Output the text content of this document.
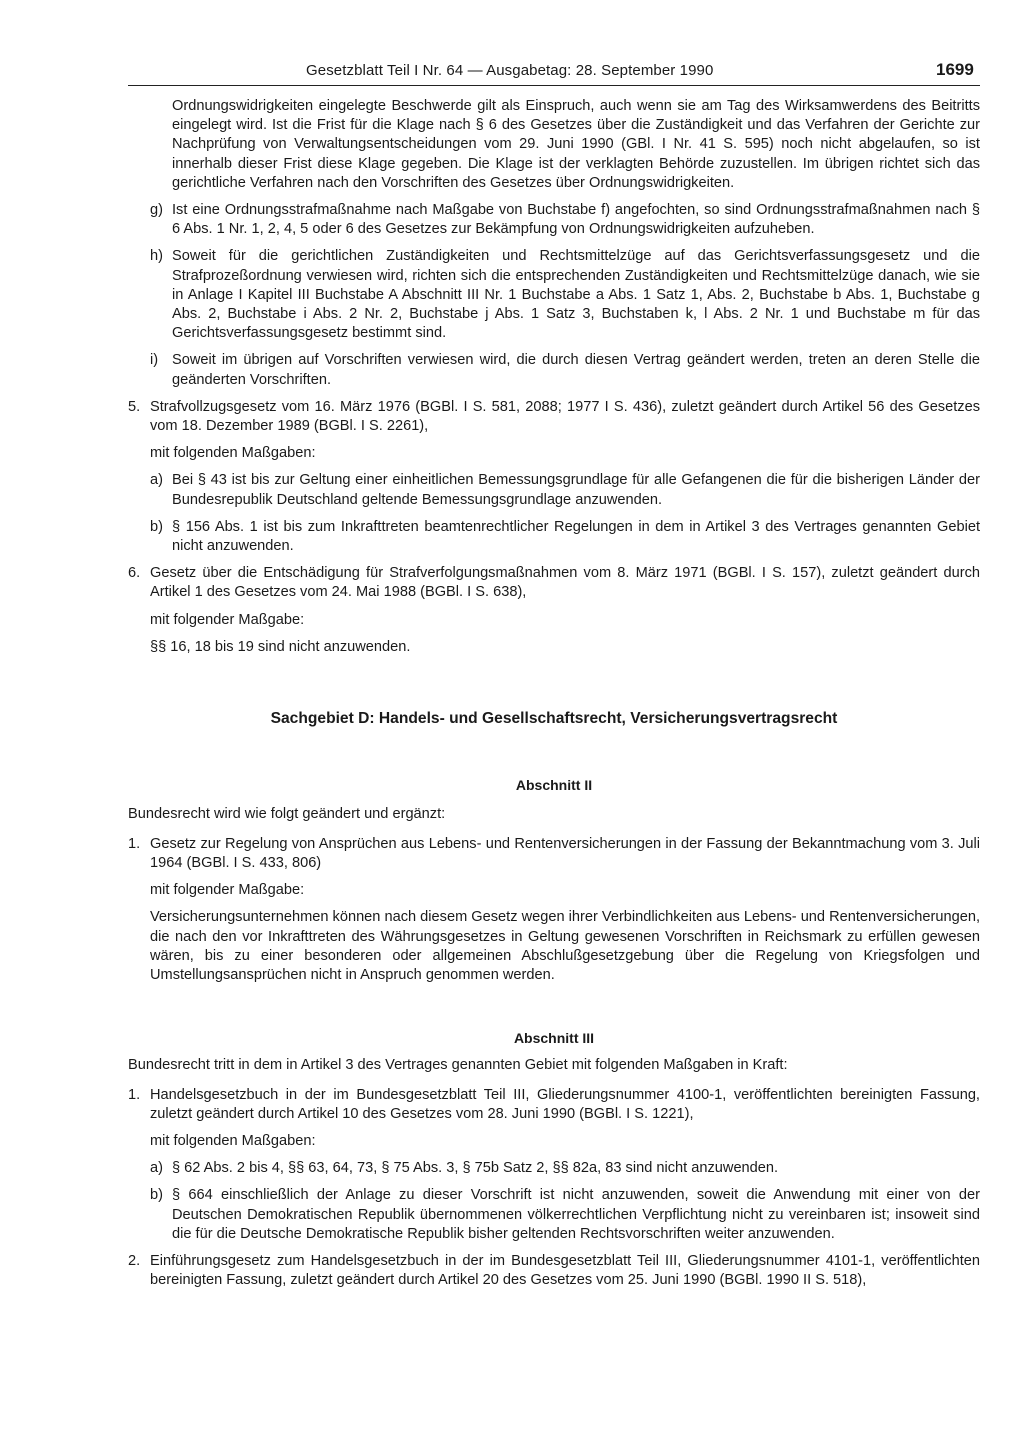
Gesetzblatt Teil I Nr. 64 — Ausgabetag: 28. September 1990	1699

Ordnungswidrigkeiten eingelegte Beschwerde gilt als Einspruch, auch wenn sie am Tag des Wirksamwerdens des Beitritts eingelegt wird. Ist die Frist für die Klage nach § 6 des Gesetzes über die Zuständigkeit und das Verfahren der Gerichte zur Nachprüfung von Verwaltungsentscheidungen vom 29. Juni 1990 (GBl. I Nr. 41 S. 595) noch nicht abgelaufen, so ist innerhalb dieser Frist diese Klage gegeben. Die Klage ist der verklagten Behörde zuzustellen. Im übrigen richtet sich das gerichtliche Verfahren nach den Vorschriften des Gesetzes über Ordnungswidrigkeiten.

g) Ist eine Ordnungsstrafmaßnahme nach Maßgabe von Buchstabe f) angefochten, so sind Ordnungsstrafmaßnahmen nach § 6 Abs. 1 Nr. 1, 2, 4, 5 oder 6 des Gesetzes zur Bekämpfung von Ordnungswidrigkeiten aufzuheben.

h) Soweit für die gerichtlichen Zuständigkeiten und Rechtsmittelzüge auf das Gerichtsverfassungsgesetz und die Strafprozeßordnung verwiesen wird, richten sich die entsprechenden Zuständigkeiten und Rechtsmittelzüge danach, wie sie in Anlage I Kapitel III Buchstabe A Abschnitt III Nr. 1 Buchstabe a Abs. 1 Satz 1, Abs. 2, Buchstabe b Abs. 1, Buchstabe g Abs. 2, Buchstabe i Abs. 2 Nr. 2, Buchstabe j Abs. 1 Satz 3, Buchstaben k, l Abs. 2 Nr. 1 und Buchstabe m für das Gerichtsverfassungsgesetz bestimmt sind.

i) Soweit im übrigen auf Vorschriften verwiesen wird, die durch diesen Vertrag geändert werden, treten an deren Stelle die geänderten Vorschriften.

5. Strafvollzugsgesetz vom 16. März 1976 (BGBl. I S. 581, 2088; 1977 I S. 436), zuletzt geändert durch Artikel 56 des Gesetzes vom 18. Dezember 1989 (BGBl. I S. 2261),

mit folgenden Maßgaben:

a) Bei § 43 ist bis zur Geltung einer einheitlichen Bemessungsgrundlage für alle Gefangenen die für die bisherigen Länder der Bundesrepublik Deutschland geltende Bemessungsgrundlage anzuwenden.

b) § 156 Abs. 1 ist bis zum Inkrafttreten beamtenrechtlicher Regelungen in dem in Artikel 3 des Vertrages genannten Gebiet nicht anzuwenden.

6. Gesetz über die Entschädigung für Strafverfolgungsmaßnahmen vom 8. März 1971 (BGBl. I S. 157), zuletzt geändert durch Artikel 1 des Gesetzes vom 24. Mai 1988 (BGBl. I S. 638),

mit folgender Maßgabe:

§§ 16, 18 bis 19 sind nicht anzuwenden.

Sachgebiet D: Handels- und Gesellschaftsrecht, Versicherungsvertragsrecht

Abschnitt II

Bundesrecht wird wie folgt geändert und ergänzt:

1. Gesetz zur Regelung von Ansprüchen aus Lebens- und Rentenversicherungen in der Fassung der Bekanntmachung vom 3. Juli 1964 (BGBl. I S. 433, 806)

mit folgender Maßgabe:

Versicherungsunternehmen können nach diesem Gesetz wegen ihrer Verbindlichkeiten aus Lebens- und Rentenversicherungen, die nach den vor Inkrafttreten des Währungsgesetzes in Geltung gewesenen Vorschriften in Reichsmark zu erfüllen gewesen wären, bis zu einer besonderen oder allgemeinen Abschlußgesetzgebung über die Regelung von Kriegsfolgen und Umstellungsansprüchen nicht in Anspruch genommen werden.

Abschnitt III

Bundesrecht tritt in dem in Artikel 3 des Vertrages genannten Gebiet mit folgenden Maßgaben in Kraft:

1. Handelsgesetzbuch in der im Bundesgesetzblatt Teil III, Gliederungsnummer 4100-1, veröffentlichten bereinigten Fassung, zuletzt geändert durch Artikel 10 des Gesetzes vom 28. Juni 1990 (BGBl. I S. 1221),

mit folgenden Maßgaben:

a) § 62 Abs. 2 bis 4, §§ 63, 64, 73, § 75 Abs. 3, § 75b Satz 2, §§ 82a, 83 sind nicht anzuwenden.

b) § 664 einschließlich der Anlage zu dieser Vorschrift ist nicht anzuwenden, soweit die Anwendung mit einer von der Deutschen Demokratischen Republik übernommenen völkerrechtlichen Verpflichtung nicht zu vereinbaren ist; insoweit sind die für die Deutsche Demokratische Republik bisher geltenden Rechtsvorschriften weiter anzuwenden.

2. Einführungsgesetz zum Handelsgesetzbuch in der im Bundesgesetzblatt Teil III, Gliederungsnummer 4101-1, veröffentlichten bereinigten Fassung, zuletzt geändert durch Artikel 20 des Gesetzes vom 25. Juni 1990 (BGBl. 1990 II S. 518),
